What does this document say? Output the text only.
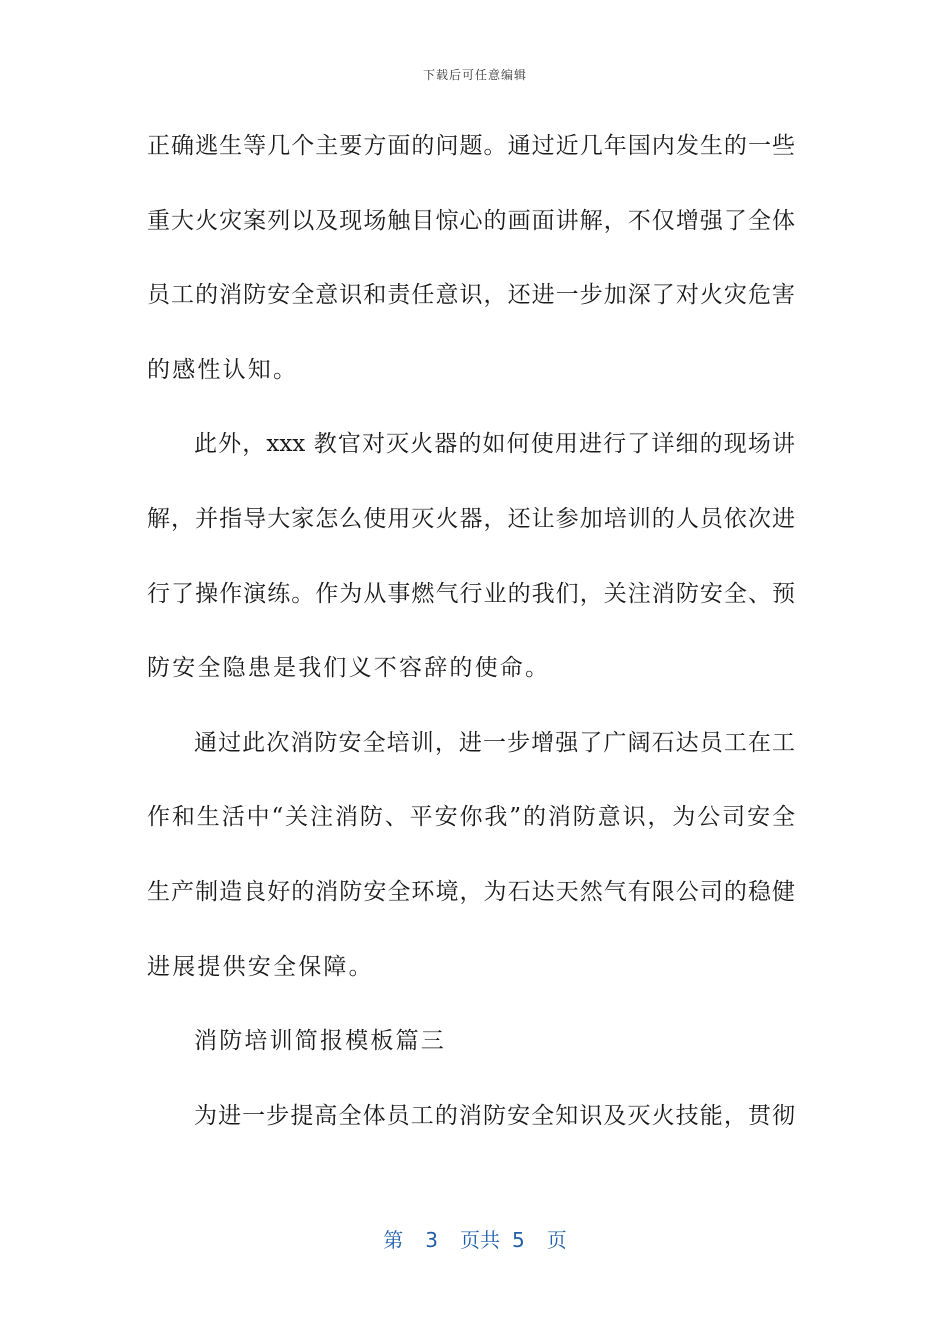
下载后可任意编辑
正确逃生等几个主要方面的问题。通过近几年国内发生的一些
重大火灾案列以及现场触目惊心的画面讲解，不仅增强了全体
员工的消防安全意识和责任意识，还进一步加深了对火灾危害
的感性认知。
此外，xxx 教官对灭火器的如何使用进行了详细的现场讲
解，并指导大家怎么使用灭火器，还让参加培训的人员依次进
行了操作演练。作为从事燃气行业的我们，关注消防安全、预
防安全隐患是我们义不容辞的使命。
通过此次消防安全培训，进一步增强了广阔石达员工在工
作和生活中“关注消防、平安你我”的消防意识，为公司安全
生产制造良好的消防安全环境，为石达天然气有限公司的稳健
进展提供安全保障。
消防培训简报模板篇三
为进一步提高全体员工的消防安全知识及灭火技能，贯彻
第 3 页共 5 页
